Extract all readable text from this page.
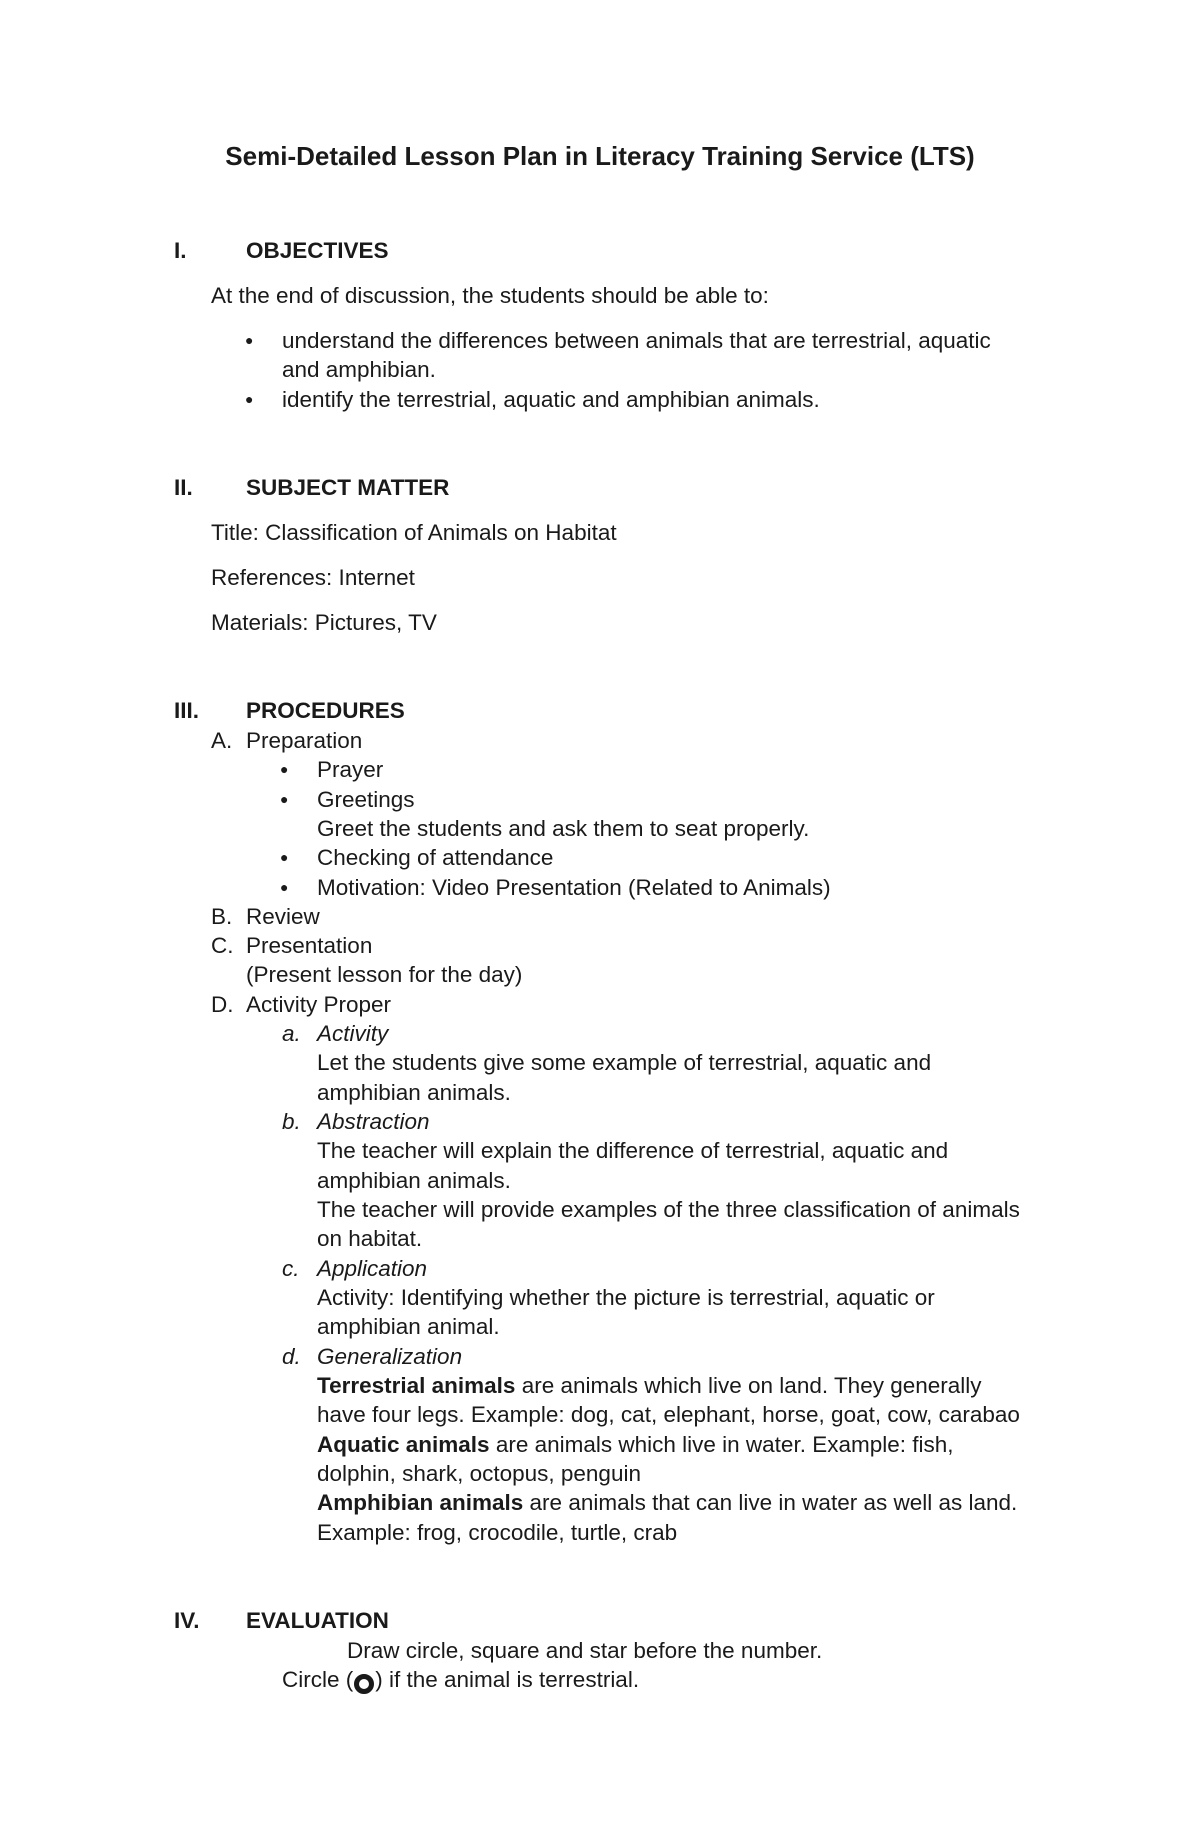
Semi-Detailed Lesson Plan in Literacy Training Service (LTS)
I.	OBJECTIVES
At the end of discussion, the students should be able to:
● understand the differences between animals that are terrestrial, aquatic
and amphibian.
● identify the terrestrial, aquatic and amphibian animals.
II. SUBJECT MATTER
Title: Classification of Animals on Habitat
References: Internet
Materials: Pictures, TV
III. PROCEDURES
A. Preparation
● Prayer
● Greetings
Greet the students and ask them to seat properly.
● Checking of attendance
● Motivation: Video Presentation (Related to Animals)
B. Review
C. Presentation
(Present lesson for the day)
D. Activity Proper
a. Activity
Let the students give some example of terrestrial, aquatic and
amphibian animals.
b. Abstraction
The teacher will explain the difference of terrestrial, aquatic and
amphibian animals.
The teacher will provide examples of the three classification of animals
on habitat.
c. Application
Activity: Identifying whether the picture is terrestrial, aquatic or
amphibian animal.
d. Generalization
Terrestrial animals are animals which live on land. They generally
have four legs. Example: dog, cat, elephant, horse, goat, cow, carabao
Aquatic animals are animals which live in water. Example: fish,
dolphin, shark, octopus, penguin
Amphibian animals are animals that can live in water as well as land.
Example: frog, crocodile, turtle, crab
IV. EVALUATION
Draw circle, square and star before the number.
Circle ( ) if the animal is terrestrial.
